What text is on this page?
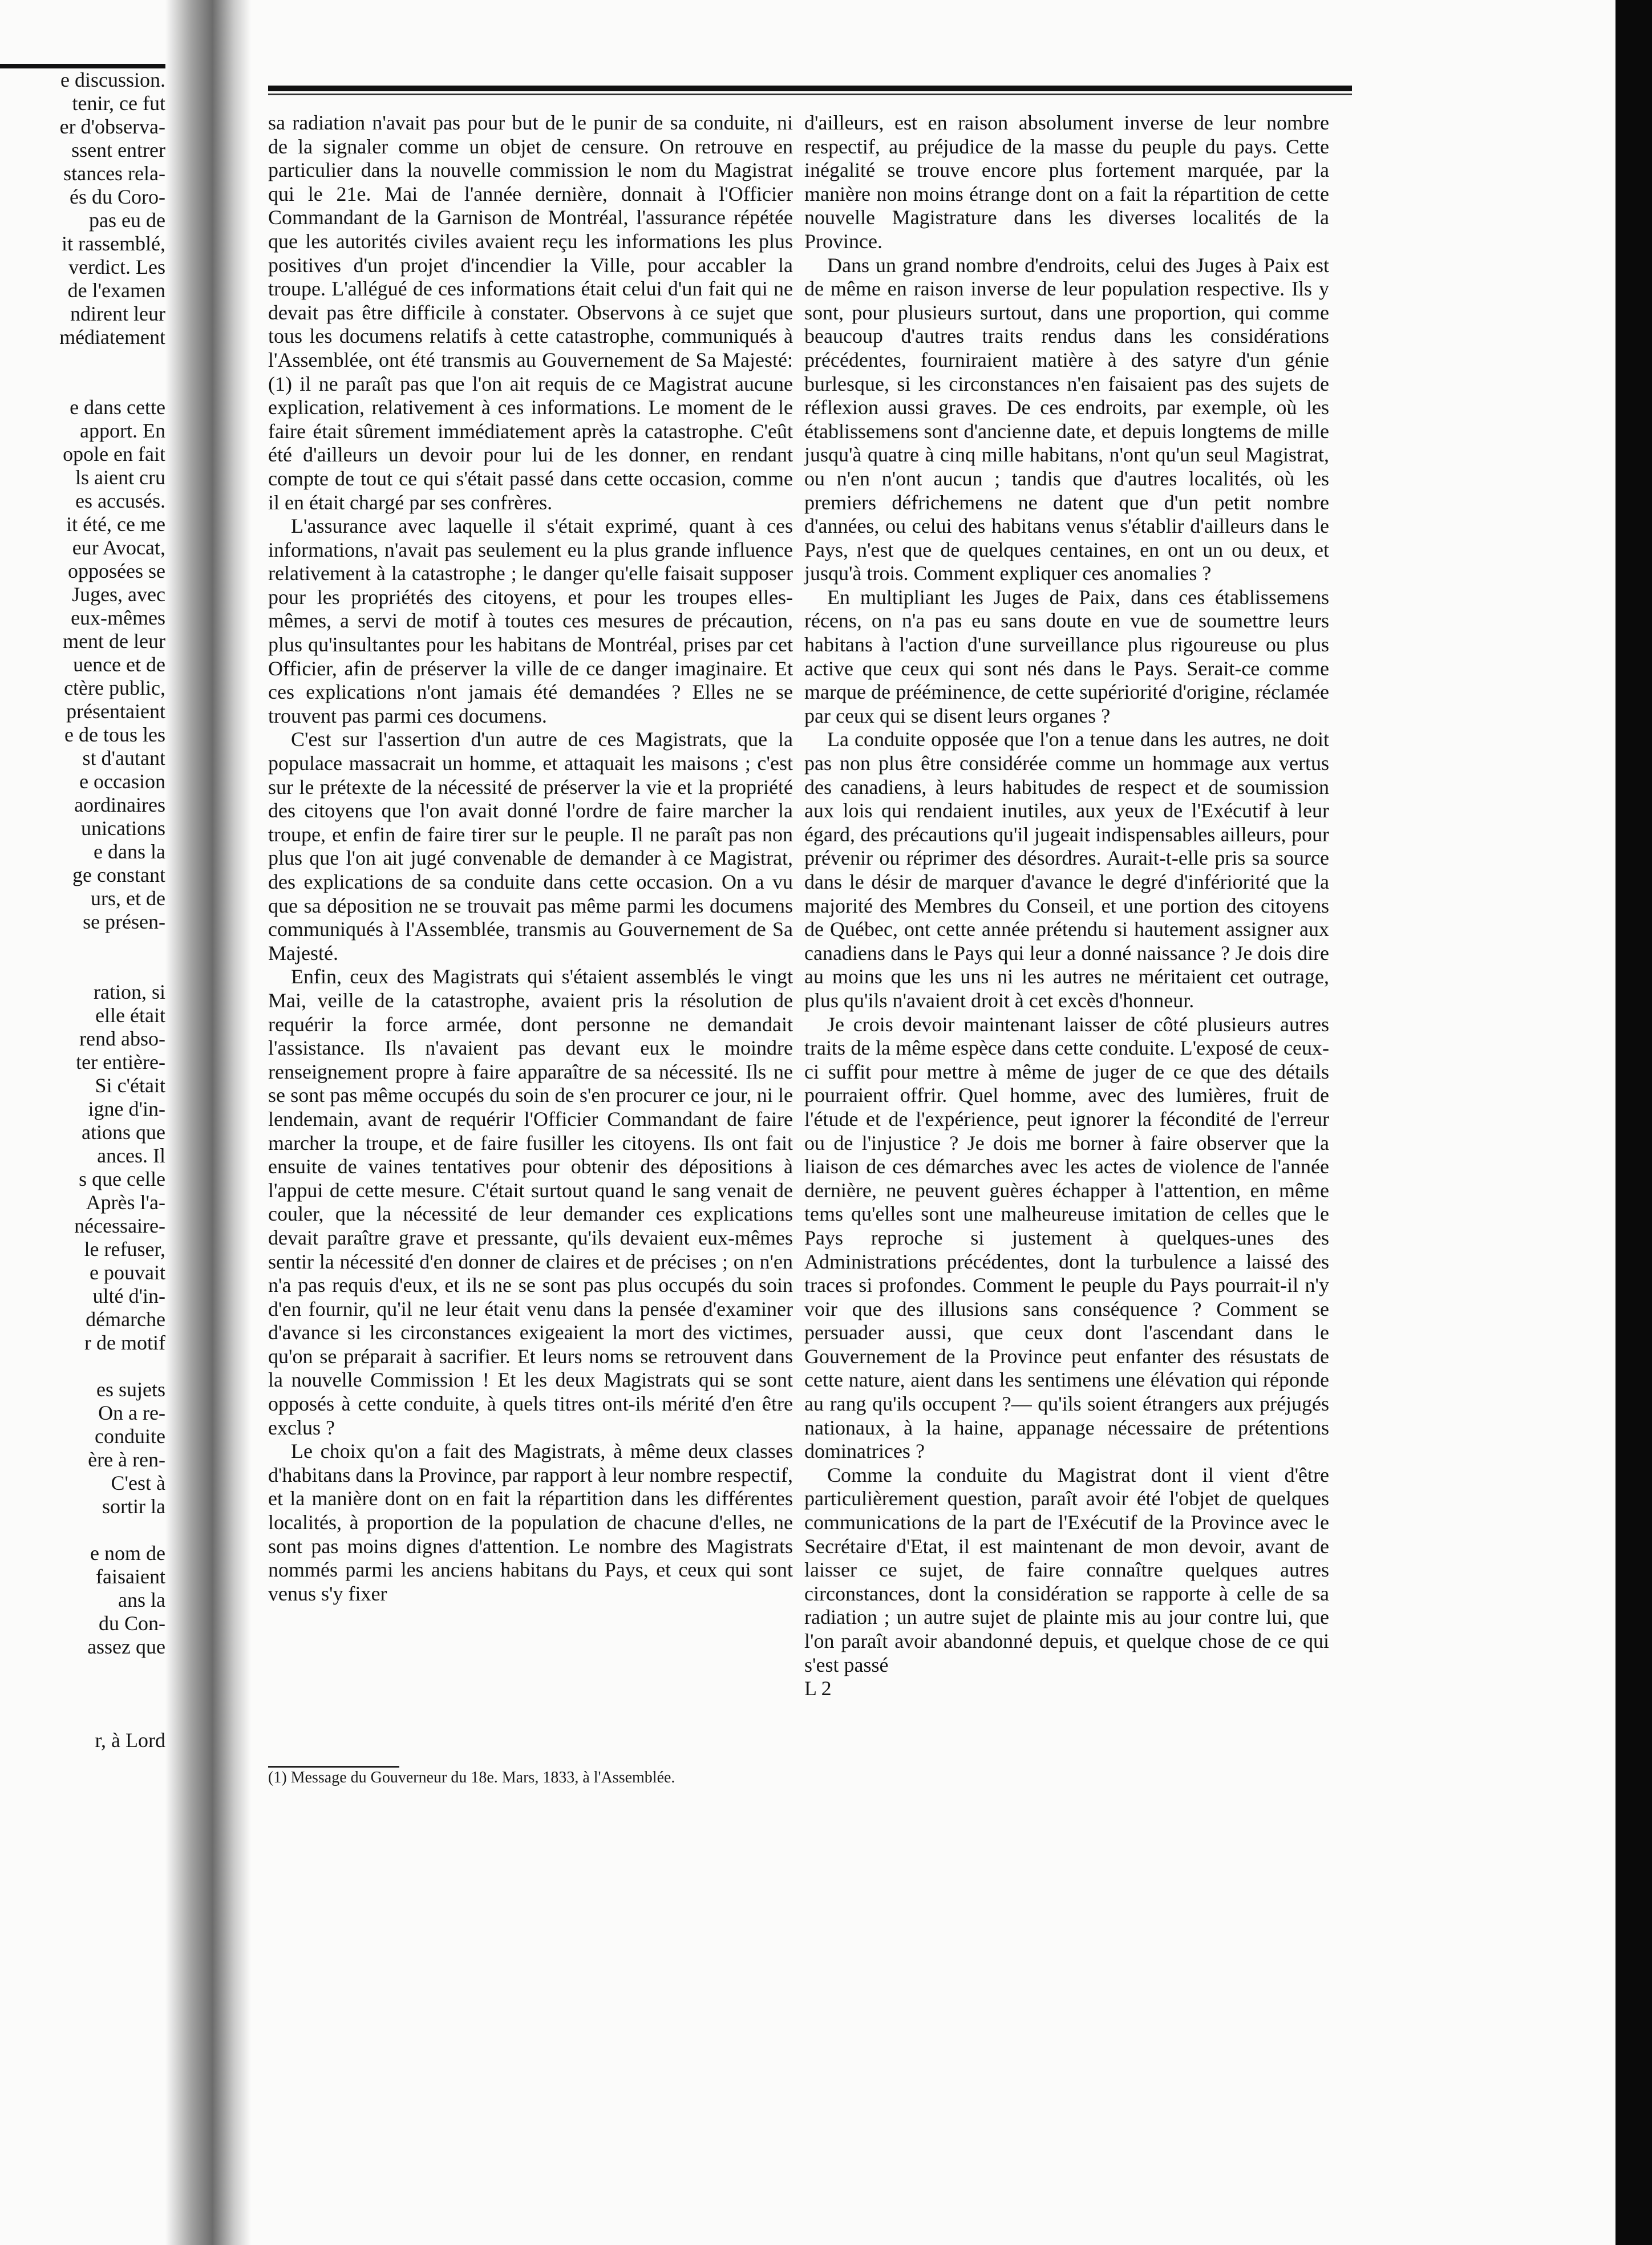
e discussion.
tenir, ce fut
er d'observa-
ssent entrer
stances rela-
és du Coro-
pas eu de
it rassemblé,
verdict. Les
de l'examen
ndirent leur
médiatement
e dans cette
apport. En
opole en fait
ls aient cru
es accusés.
it été, ce me
eur Avocat,
opposées se
Juges, avec
eux-mêmes
ment de leur
uence et de
ctère public,
présentaient
e de tous les
st d'autant
e occasion
aordinaires
unications
e dans la
ge constant
urs, et de
se présen-
ration, si
elle était
rend abso-
ter entière-
Si c'était
igne d'in-
ations que
ances. Il
s que celle
Après l'a-
nécessaire-
le refuser,
e pouvait
ulté d'in-
démarche
r de motif
es sujets
On a re-
conduite
ère à ren-
C'est à
sortir la
e nom de
faisaient
ans la
du Con-
assez que
r, à Lord

sa radiation n'avait pas pour but de le punir de sa conduite, ni de la signaler comme un objet de censure. On retrouve en particulier dans la nouvelle commission le nom du Magistrat qui le 21e. Mai de l'année dernière, donnait à l'Officier Commandant de la Garnison de Montréal, l'assurance répétée que les autorités civiles avaient reçu les informations les plus positives d'un projet d'incendier la Ville, pour accabler la troupe. L'allégué de ces informations était celui d'un fait qui ne devait pas être difficile à constater. Observons à ce sujet que tous les documens relatifs à cette catastrophe, communiqués à l'Assemblée, ont été transmis au Gouvernement de Sa Majesté: (1) il ne paraît pas que l'on ait requis de ce Magistrat aucune explication, relativement à ces informations. Le moment de le faire était sûrement immédiatement après la catastrophe. C'eût été d'ailleurs un devoir pour lui de les donner, en rendant compte de tout ce qui s'était passé dans cette occasion, comme il en était chargé par ses confrères.

L'assurance avec laquelle il s'était exprimé, quant à ces informations, n'avait pas seulement eu la plus grande influence relativement à la catastrophe ; le danger qu'elle faisait supposer pour les propriétés des citoyens, et pour les troupes elles-mêmes, a servi de motif à toutes ces mesures de précaution, plus qu'insultantes pour les habitans de Montréal, prises par cet Officier, afin de préserver la ville de ce danger imaginaire. Et ces explications n'ont jamais été demandées ? Elles ne se trouvent pas parmi ces documens.

C'est sur l'assertion d'un autre de ces Magistrats, que la populace massacrait un homme, et attaquait les maisons ; c'est sur le prétexte de la nécessité de préserver la vie et la propriété des citoyens que l'on avait donné l'ordre de faire marcher la troupe, et enfin de faire tirer sur le peuple. Il ne paraît pas non plus que l'on ait jugé convenable de demander à ce Magistrat, des explications de sa conduite dans cette occasion. On a vu que sa déposition ne se trouvait pas même parmi les documens communiqués à l'Assemblée, transmis au Gouvernement de Sa Majesté.

Enfin, ceux des Magistrats qui s'étaient assemblés le vingt Mai, veille de la catastrophe, avaient pris la résolution de requérir la force armée, dont personne ne demandait l'assistance. Ils n'avaient pas devant eux le moindre renseignement propre à faire apparaître de sa nécessité. Ils ne se sont pas même occupés du soin de s'en procurer ce jour, ni le lendemain, avant de requérir l'Officier Commandant de faire marcher la troupe, et de faire fusiller les citoyens. Ils ont fait ensuite de vaines tentatives pour obtenir des dépositions à l'appui de cette mesure. C'était surtout quand le sang venait de couler, que la nécessité de leur demander ces explications devait paraître grave et pressante, qu'ils devaient eux-mêmes sentir la nécessité d'en donner de claires et de précises ; on n'en n'a pas requis d'eux, et ils ne se sont pas plus occupés du soin d'en fournir, qu'il ne leur était venu dans la pensée d'examiner d'avance si les circonstances exigeaient la mort des victimes, qu'on se préparait à sacrifier. Et leurs noms se retrouvent dans la nouvelle Commission ! Et les deux Magistrats qui se sont opposés à cette conduite, à quels titres ont-ils mérité d'en être exclus ?

Le choix qu'on a fait des Magistrats, à même deux classes d'habitans dans la Province, par rapport à leur nombre respectif, et la manière dont on en fait la répartition dans les différentes localités, à proportion de la population de chacune d'elles, ne sont pas moins dignes d'attention. Le nombre des Magistrats nommés parmi les anciens habitans du Pays, et ceux qui sont venus s'y fixer

(1) Message du Gouverneur du 18e. Mars, 1833, à l'Assemblée.

d'ailleurs, est en raison absolument inverse de leur nombre respectif, au préjudice de la masse du peuple du pays. Cette inégalité se trouve encore plus fortement marquée, par la manière non moins étrange dont on a fait la répartition de cette nouvelle Magistrature dans les diverses localités de la Province.

Dans un grand nombre d'endroits, celui des Juges à Paix est de même en raison inverse de leur population respective. Ils y sont, pour plusieurs surtout, dans une proportion, qui comme beaucoup d'autres traits rendus dans les considérations précédentes, fourniraient matière à des satyre d'un génie burlesque, si les circonstances n'en faisaient pas des sujets de réflexion aussi graves. De ces endroits, par exemple, où les établissemens sont d'ancienne date, et depuis longtems de mille jusqu'à quatre à cinq mille habitans, n'ont qu'un seul Magistrat, ou n'en n'ont aucun ; tandis que d'autres localités, où les premiers défrichemens ne datent que d'un petit nombre d'années, ou celui des habitans venus s'établir d'ailleurs dans le Pays, n'est que de quelques centaines, en ont un ou deux, et jusqu'à trois. Comment expliquer ces anomalies ?

En multipliant les Juges de Paix, dans ces établissemens récens, on n'a pas eu sans doute en vue de soumettre leurs habitans à l'action d'une surveillance plus rigoureuse ou plus active que ceux qui sont nés dans le Pays. Serait-ce comme marque de prééminence, de cette supériorité d'origine, réclamée par ceux qui se disent leurs organes ?

La conduite opposée que l'on a tenue dans les autres, ne doit pas non plus être considérée comme un hommage aux vertus des canadiens, à leurs habitudes de respect et de soumission aux lois qui rendaient inutiles, aux yeux de l'Exécutif à leur égard, des précautions qu'il jugeait indispensables ailleurs, pour prévenir ou réprimer des désordres. Aurait-t-elle pris sa source dans le désir de marquer d'avance le degré d'infériorité que la majorité des Membres du Conseil, et une portion des citoyens de Québec, ont cette année prétendu si hautement assigner aux canadiens dans le Pays qui leur a donné naissance ? Je dois dire au moins que les uns ni les autres ne méritaient cet outrage, plus qu'ils n'avaient droit à cet excès d'honneur.

Je crois devoir maintenant laisser de côté plusieurs autres traits de la même espèce dans cette conduite. L'exposé de ceux-ci suffit pour mettre à même de juger de ce que des détails pourraient offrir. Quel homme, avec des lumières, fruit de l'étude et de l'expérience, peut ignorer la fécondité de l'erreur ou de l'injustice ? Je dois me borner à faire observer que la liaison de ces démarches avec les actes de violence de l'année dernière, ne peuvent guères échapper à l'attention, en même tems qu'elles sont une malheureuse imitation de celles que le Pays reproche si justement à quelques-unes des Administrations précédentes, dont la turbulence a laissé des traces si profondes. Comment le peuple du Pays pourrait-il n'y voir que des illusions sans conséquence ? Comment se persuader aussi, que ceux dont l'ascendant dans le Gouvernement de la Province peut enfanter des résustats de cette nature, aient dans les sentimens une élévation qui réponde au rang qu'ils occupent ?— qu'ils soient étrangers aux préjugés nationaux, à la haine, appanage nécessaire de prétentions dominatrices ?

Comme la conduite du Magistrat dont il vient d'être particulièrement question, paraît avoir été l'objet de quelques communications de la part de l'Exécutif de la Province avec le Secrétaire d'Etat, il est maintenant de mon devoir, avant de laisser ce sujet, de faire connaître quelques autres circonstances, dont la considération se rapporte à celle de sa radiation ; un autre sujet de plainte mis au jour contre lui, que l'on paraît avoir abandonné depuis, et quelque chose de ce qui s'est passé

L 2
